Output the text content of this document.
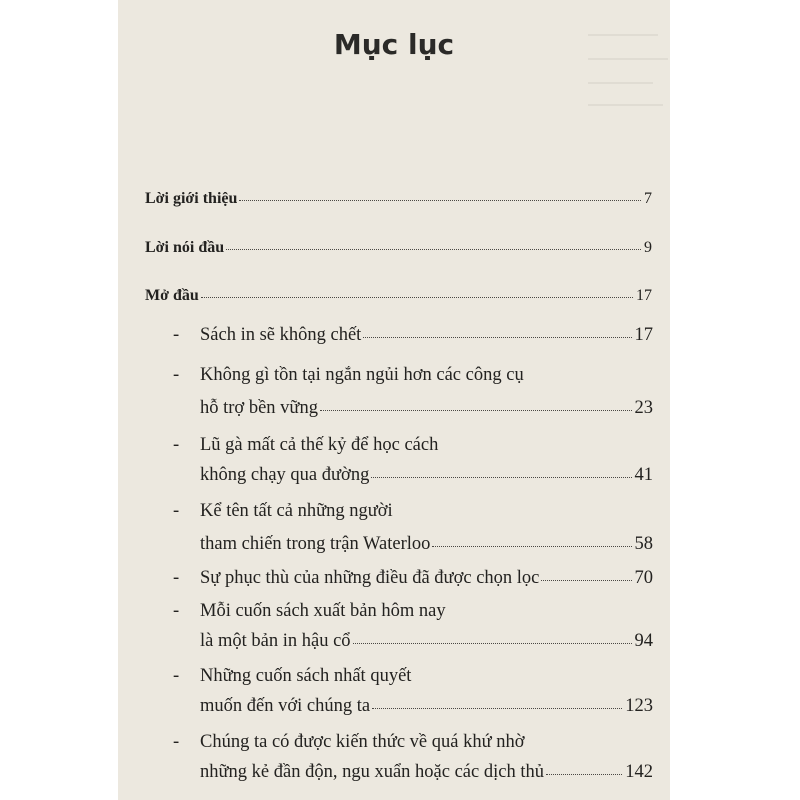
Mục lục
Lời giới thiệu	7
Lời nói đầu	9
Mở đầu	17
- Sách in sẽ không chết	17
- Không gì tồn tại ngắn ngủi hơn các công cụ
hỗ trợ bền vững	23
- Lũ gà mất cả thế kỷ để học cách
không chạy qua đường	41
- Kể tên tất cả những người
tham chiến trong trận Waterloo	58
- Sự phục thù của những điều đã được chọn lọc	70
- Mỗi cuốn sách xuất bản hôm nay
là một bản in hậu cổ	94
- Những cuốn sách nhất quyết
muốn đến với chúng ta	123
- Chúng ta có được kiến thức về quá khứ nhờ
những kẻ đần độn, ngu xuẩn hoặc các dịch thủ	142
